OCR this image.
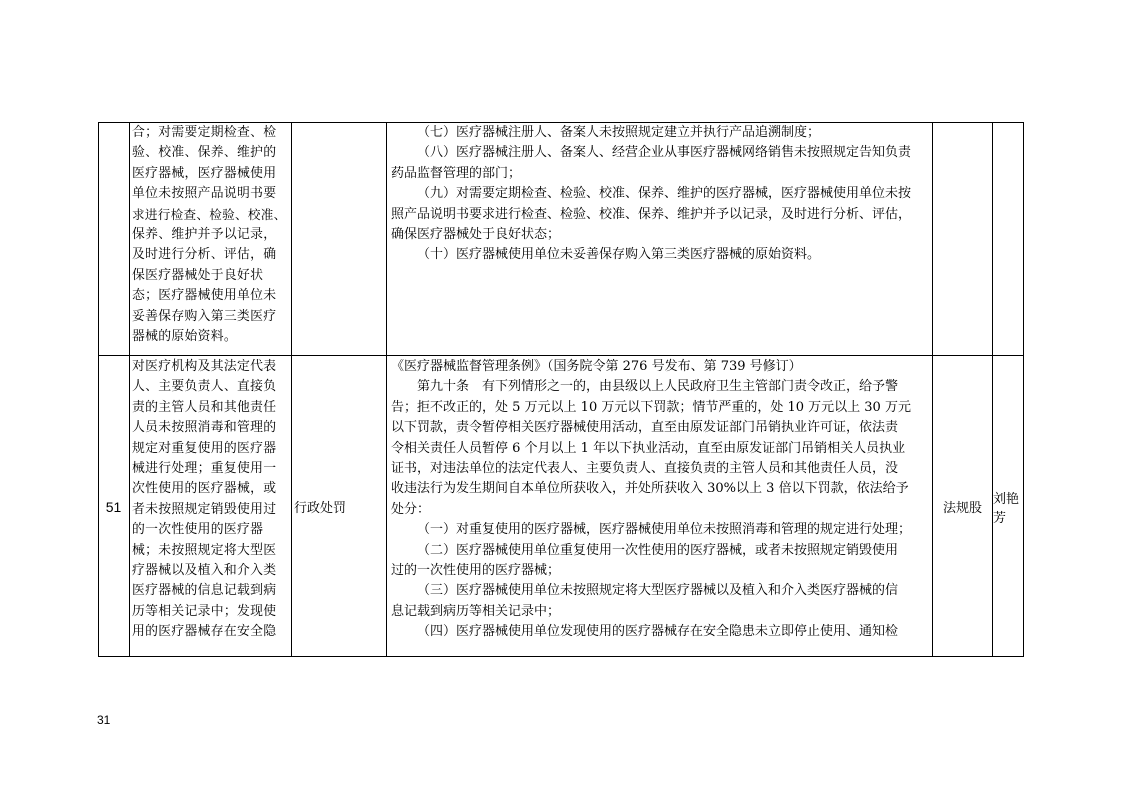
合；对需要定期检查、检
验、校准、保养、维护的
医疗器械，医疗器械使用
单位未按照产品说明书要
求进行检查、检验、校准、
保养、维护并予以记录，
及时进行分析、评估，确
保医疗器械处于良好状
态；医疗器械使用单位未
妥善保存购入第三类医疗
器械的原始资料。
（七）医疗器械注册人、备案人未按照规定建立并执行产品追溯制度；
（八）医疗器械注册人、备案人、经营企业从事医疗器械网络销售未按照规定告知负责
药品监督管理的部门；
（九）对需要定期检查、检验、校准、保养、维护的医疗器械，医疗器械使用单位未按
照产品说明书要求进行检查、检验、校准、保养、维护并予以记录，及时进行分析、评估，
确保医疗器械处于良好状态；
（十）医疗器械使用单位未妥善保存购入第三类医疗器械的原始资料。
51
对医疗机构及其法定代表
人、主要负责人、直接负
责的主管人员和其他责任
人员未按照消毒和管理的
规定对重复使用的医疗器
械进行处理；重复使用一
次性使用的医疗器械，或
者未按照规定销毁使用过
的一次性使用的医疗器
械；未按照规定将大型医
疗器械以及植入和介入类
医疗器械的信息记载到病
历等相关记录中；发现使
用的医疗器械存在安全隐
行政处罚
《医疗器械监督管理条例》（国务院令第 276 号发布、第 739 号修订）
第九十条　有下列情形之一的，由县级以上人民政府卫生主管部门责令改正，给予警
告；拒不改正的，处 5 万元以上 10 万元以下罚款；情节严重的，处 10 万元以上 30 万元
以下罚款，责令暂停相关医疗器械使用活动，直至由原发证部门吊销执业许可证，依法责
令相关责任人员暂停 6 个月以上 1 年以下执业活动，直至由原发证部门吊销相关人员执业
证书，对违法单位的法定代表人、主要负责人、直接负责的主管人员和其他责任人员，没
收违法行为发生期间自本单位所获收入，并处所获收入 30%以上 3 倍以下罚款，依法给予
处分：
（一）对重复使用的医疗器械，医疗器械使用单位未按照消毒和管理的规定进行处理；
（二）医疗器械使用单位重复使用一次性使用的医疗器械，或者未按照规定销毁使用
过的一次性使用的医疗器械；
（三）医疗器械使用单位未按照规定将大型医疗器械以及植入和介入类医疗器械的信
息记载到病历等相关记录中；
（四）医疗器械使用单位发现使用的医疗器械存在安全隐患未立即停止使用、通知检
法规股
刘艳芳
31
